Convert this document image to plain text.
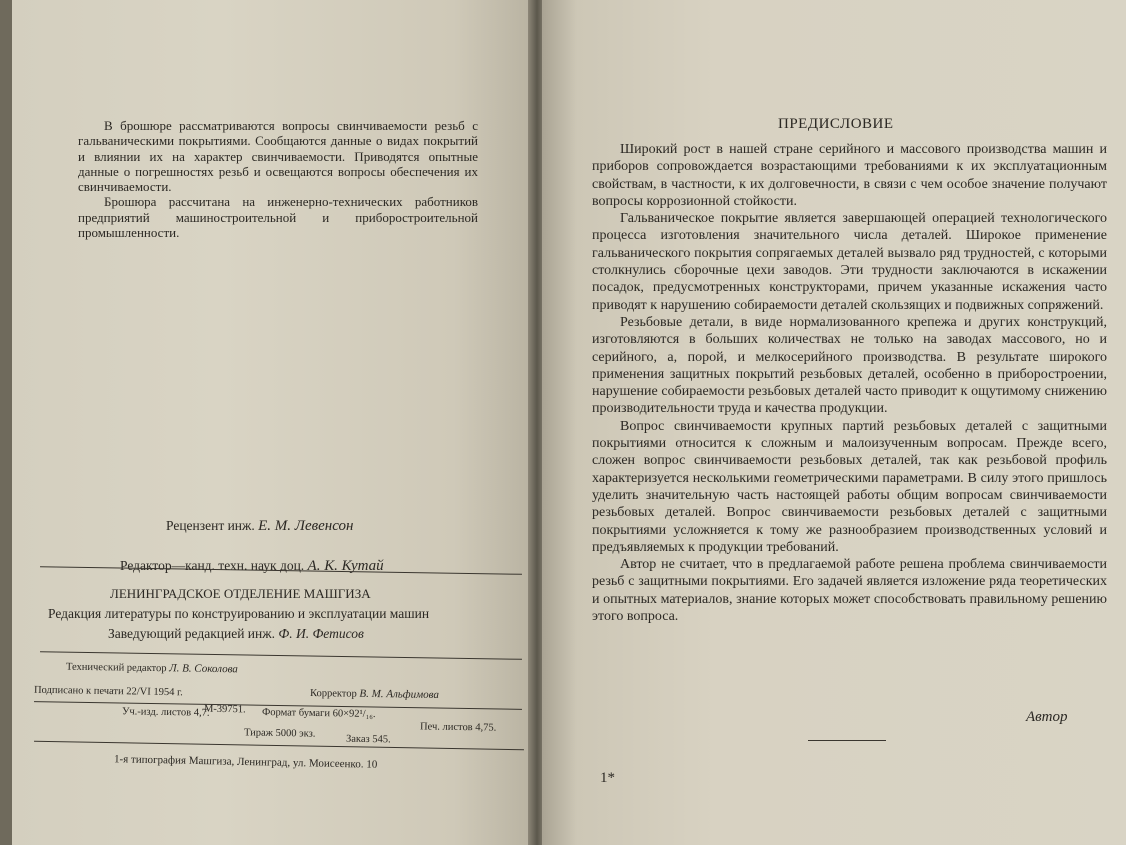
В брошюре рассматриваются вопросы свинчиваемости резьб с гальваническими покрытиями. Сообщаются данные о видах покрытий и влиянии их на характер свинчиваемости. Приводятся опытные данные о погрешностях резьб и освещаются вопросы обеспечения их свинчиваемости.

Брошюра рассчитана на инженерно-технических работников предприятий машиностроительной и приборостроительной промышленности.

Рецензент инж. Е. М. Левенсон
Редактор—канд. техн. наук доц. А. К. Кутай
ЛЕНИНГРАДСКОЕ ОТДЕЛЕНИЕ МАШГИЗА
Редакция литературы по конструированию и эксплуатации машин
Заведующий редакцией инж. Ф. И. Фетисов
Технический редактор Л. В. Соколова
Корректор В. М. Альфимова
Подписано к печати 22/VI 1954 г.
М-39751. Формат бумаги 60×92¹/₁₆.
Печ. листов 4,75.
Уч.-изд. листов 4,7.
Тираж 5000 экз.	Заказ 545.
1-я типография Машгиза, Ленинград, ул. Моисеенко. 10
ПРЕДИСЛОВИЕ

Широкий рост в нашей стране серийного и массового производства машин и приборов сопровождается возрастающими требованиями к их эксплуатационным свойствам, в частности, к их долговечности, в связи с чем особое значение получают вопросы коррозионной стойкости.

Гальваническое покрытие является завершающей операцией технологического процесса изготовления значительного числа деталей. Широкое применение гальванического покрытия сопрягаемых деталей вызвало ряд трудностей, с которыми столкнулись сборочные цехи заводов. Эти трудности заключаются в искажении посадок, предусмотренных конструкторами, причем указанные искажения часто приводят к нарушению собираемости деталей скользящих и подвижных сопряжений.

Резьбовые детали, в виде нормализованного крепежа и других конструкций, изготовляются в больших количествах не только на заводах массового, но и серийного, а, порой, и мелкосерийного производства. В результате широкого применения защитных покрытий резьбовых деталей, особенно в приборостроении, нарушение собираемости резьбовых деталей часто приводит к ощутимому снижению производительности труда и качества продукции.

Вопрос свинчиваемости крупных партий резьбовых деталей с защитными покрытиями относится к сложным и малоизученным вопросам. Прежде всего, сложен вопрос свинчиваемости резьбовых деталей, так как резьбовой профиль характеризуется несколькими геометрическими параметрами. В силу этого пришлось уделить значительную часть настоящей работы общим вопросам свинчиваемости резьбовых деталей. Вопрос свинчиваемости резьбовых деталей с защитными покрытиями усложняется к тому же разнообразием производственных условий и предъявляемых к продукции требований.

Автор не считает, что в предлагаемой работе решена проблема свинчиваемости резьб с защитными покрытиями. Его задачей является изложение ряда теоретических и опытных материалов, знание которых может способствовать правильному решению этого вопроса.

Автор
1*
